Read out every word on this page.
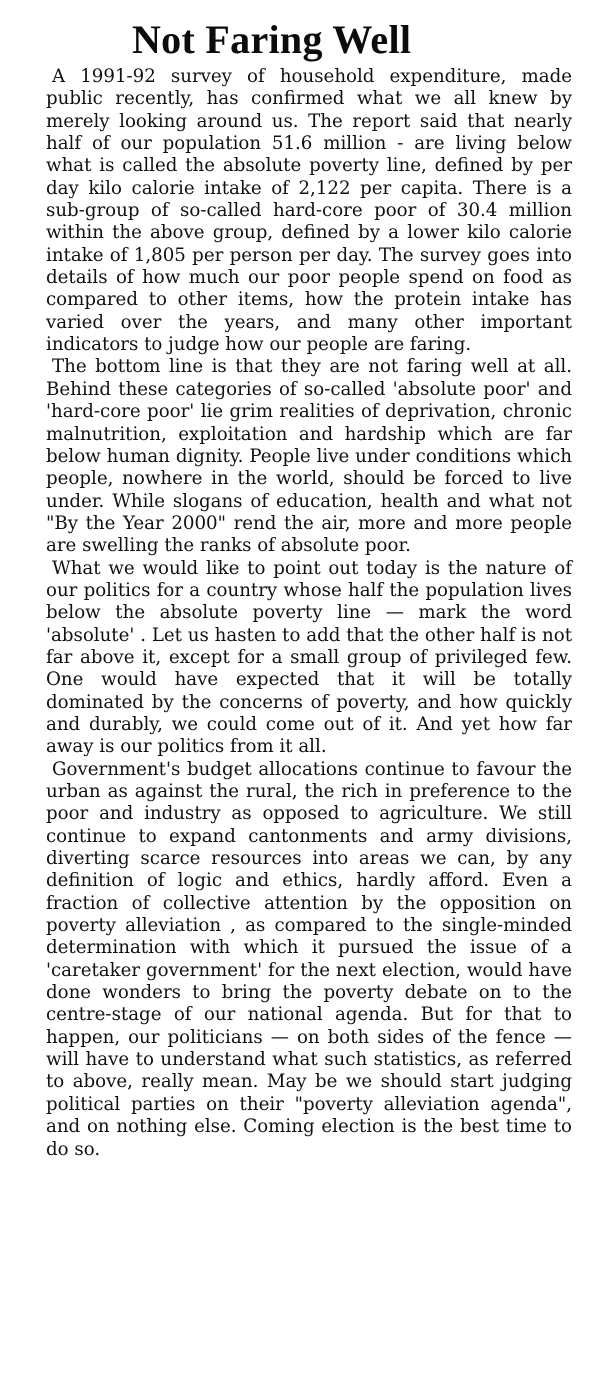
Not Faring Well

A 1991-92 survey of household expenditure, made public recently, has confirmed what we all knew by merely looking around us. The report said that nearly half of our population 51.6 million - are living below what is called the absolute poverty line, defined by per day kilo calorie intake of 2,122 per capita. There is a sub-group of so-called hard-core poor of 30.4 million within the above group, defined by a lower kilo calorie intake of 1,805 per person per day. The survey goes into details of how much our poor people spend on food as compared to other items, how the protein intake has varied over the years, and many other important indicators to judge how our people are faring.

The bottom line is that they are not faring well at all. Behind these categories of so-called 'absolute poor' and 'hard-core poor' lie grim realities of deprivation, chronic malnutrition, exploitation and hardship which are far below human dignity. People live under conditions which people, nowhere in the world, should be forced to live under. While slogans of education, health and what not "By the Year 2000" rend the air, more and more people are swelling the ranks of absolute poor.

What we would like to point out today is the nature of our politics for a country whose half the population lives below the absolute poverty line — mark the word 'absolute' . Let us hasten to add that the other half is not far above it, except for a small group of privileged few. One would have expected that it will be totally dominated by the concerns of poverty, and how quickly and durably, we could come out of it. And yet how far away is our politics from it all.

Government's budget allocations continue to favour the urban as against the rural, the rich in preference to the poor and industry as opposed to agriculture. We still continue to expand cantonments and army divisions, diverting scarce resources into areas we can, by any definition of logic and ethics, hardly afford. Even a fraction of collective attention by the opposition on poverty alleviation , as compared to the single-minded determination with which it pursued the issue of a 'caretaker government' for the next election, would have done wonders to bring the poverty debate on to the centre-stage of our national agenda. But for that to happen, our politicians — on both sides of the fence — will have to understand what such statistics, as referred to above, really mean. May be we should start judging political parties on their "poverty alleviation agenda", and on nothing else. Coming election is the best time to do so.
